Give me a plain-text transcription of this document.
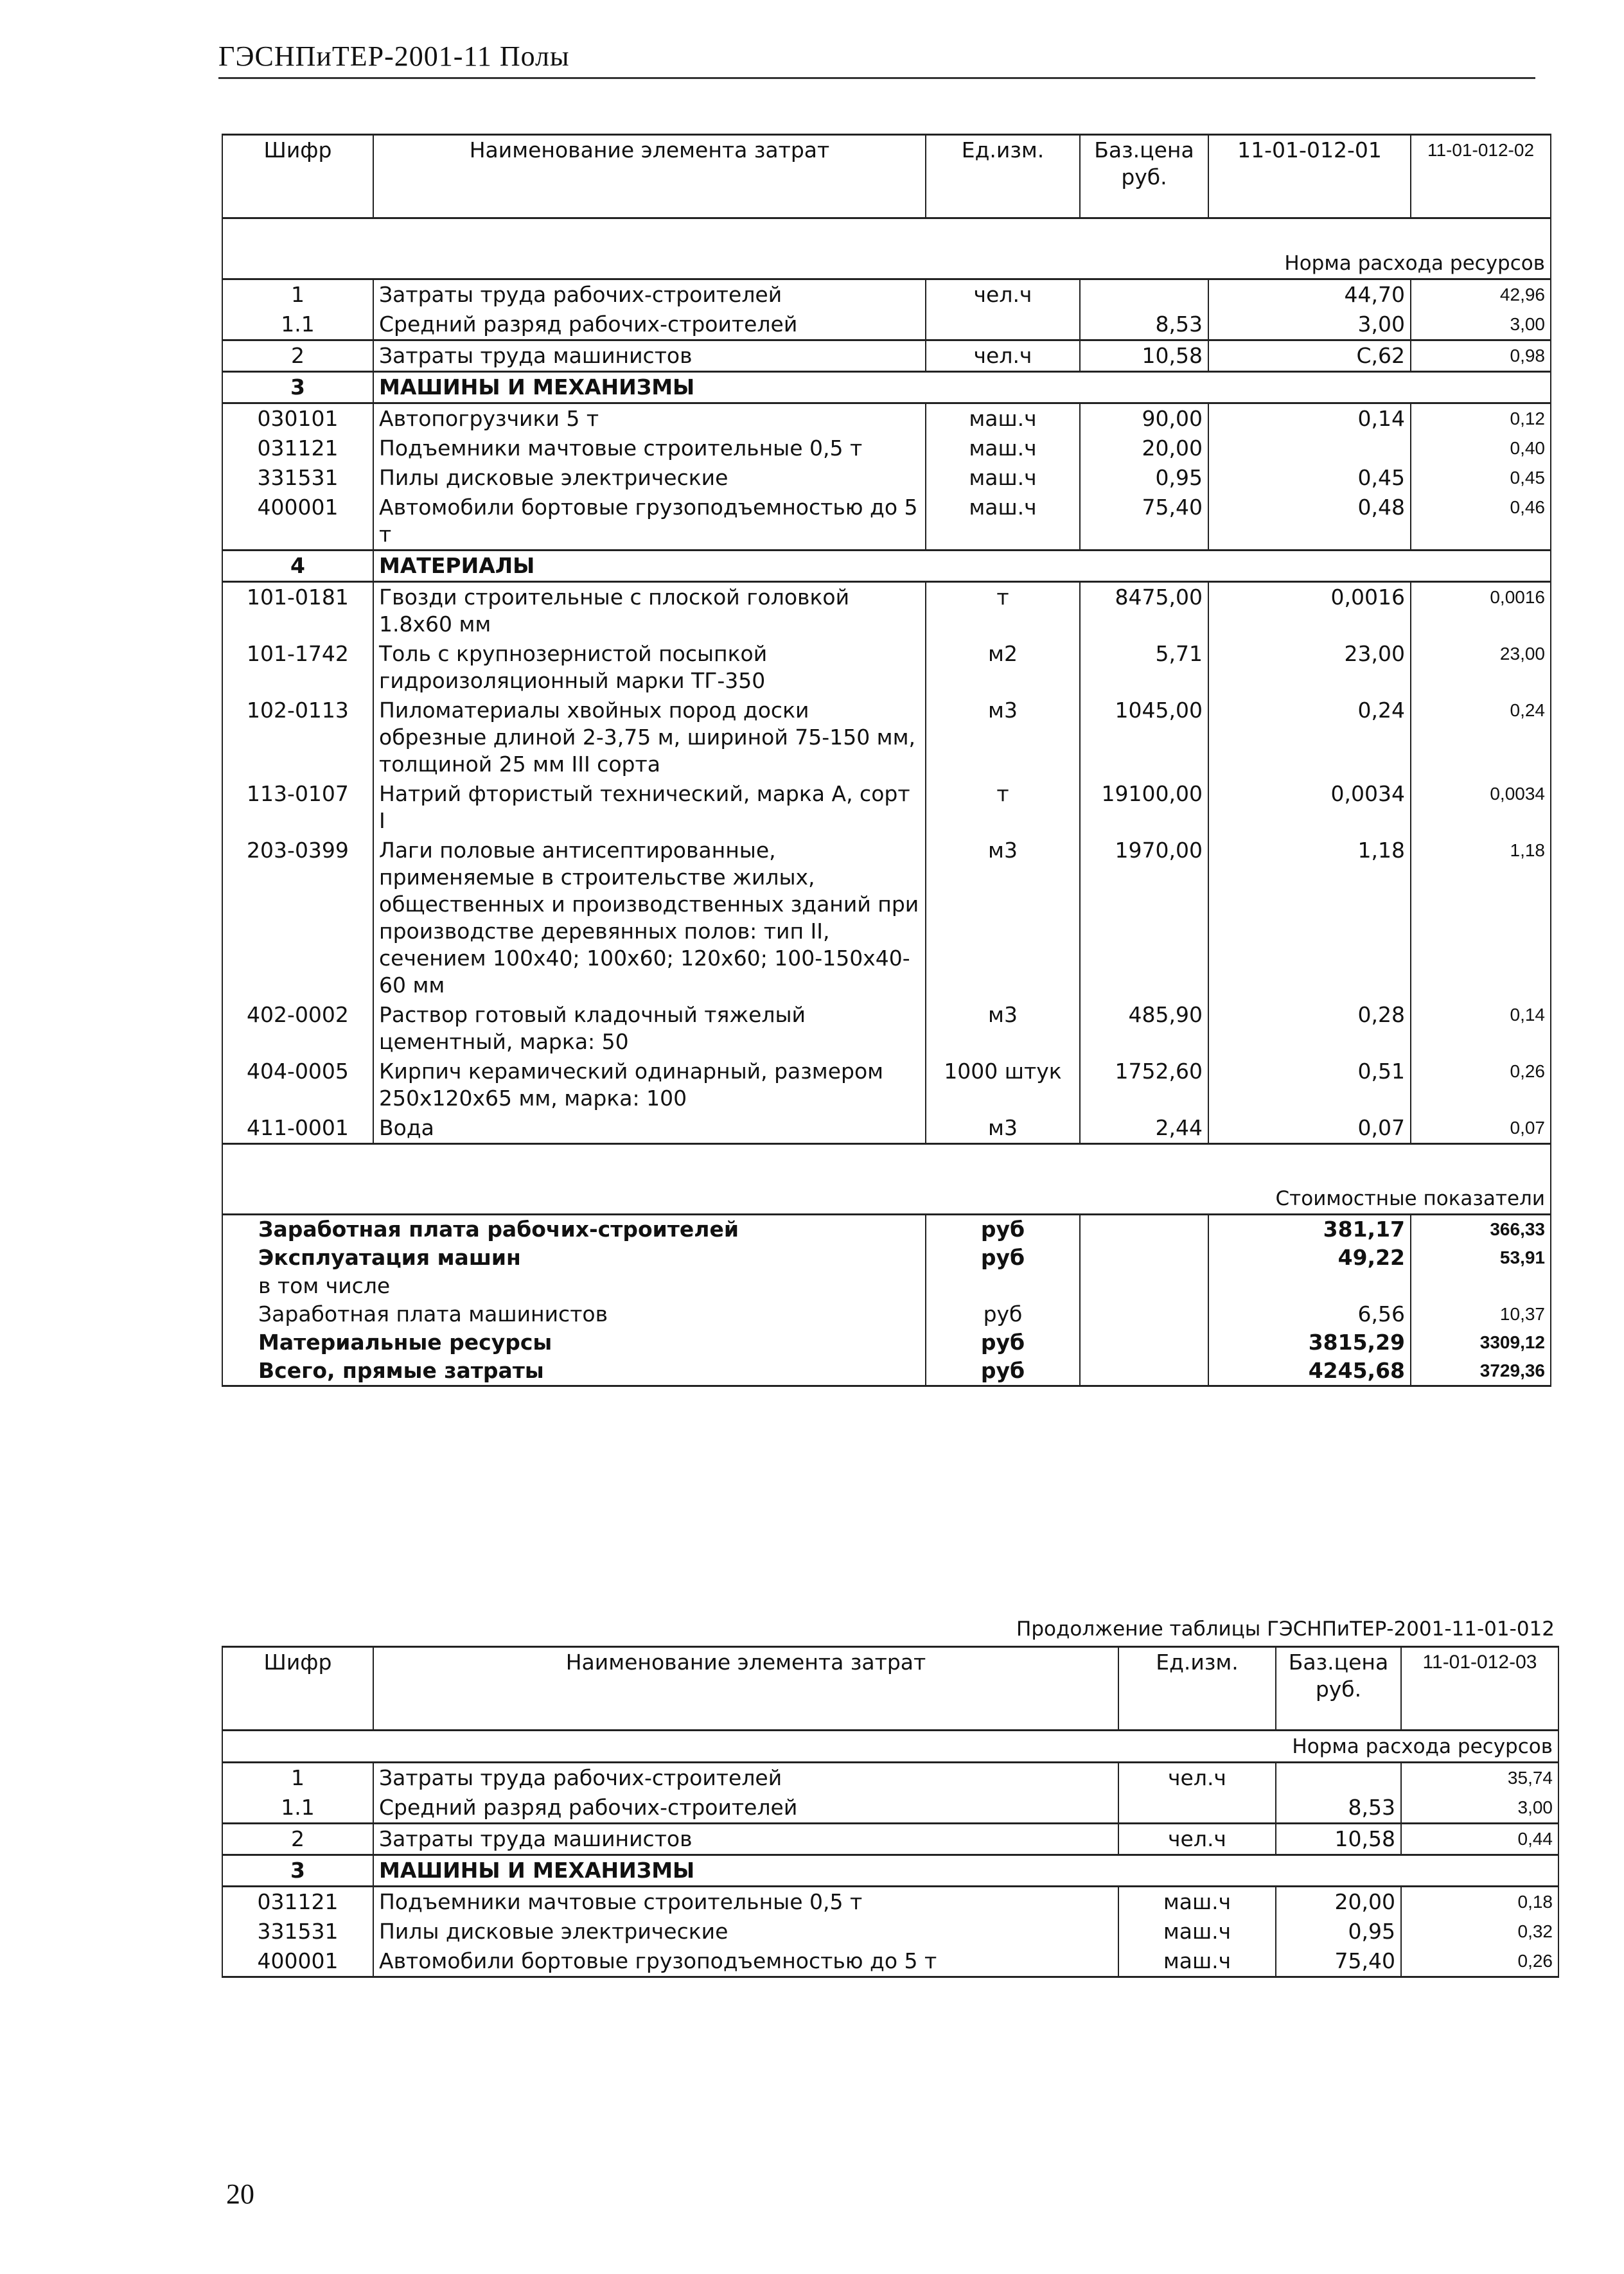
ГЭСНПиТЕР-2001-11 Полы
Шифр	Наименование элемента затрат	Ед.изм.	Баз.цена руб.	11-01-012-01	11-01-012-02
Норма расхода ресурсов					
1	Затраты труда рабочих-строителей	чел.ч		44,70	42,96
1.1	Средний разряд рабочих-строителей		8,53	3,00	3,00
2	Затраты труда машинистов	чел.ч	10,58	С,62	0,98
3	МАШИНЫ И МЕХАНИЗМЫ				
030101	Автопогрузчики 5 т	маш.ч	90,00	0,14	0,12
031121	Подъемники мачтовые строительные 0,5 т	маш.ч	20,00		0,40
331531	Пилы дисковые электрические	маш.ч	0,95	0,45	0,45
400001	Автомобили бортовые грузоподъемностью до 5 т	маш.ч	75,40	0,48	0,46
4	МАТЕРИАЛЫ				
101-0181	Гвозди строительные с плоской головкой 1.8x60 мм	т	8475,00	0,0016	0,0016
101-1742	Толь с крупнозернистой посыпкой гидроизоляционный марки ТГ-350	м2	5,71	23,00	23,00
102-0113	Пиломатериалы хвойных пород доски обрезные длиной 2-3,75 м, шириной 75-150 мм, толщиной 25 мм III сорта	м3	1045,00	0,24	0,24
113-0107	Натрий фтористый технический, марка А, сорт I	т	19100,00	0,0034	0,0034
203-0399	Лаги половые антисептированные, применяемые в строительстве жилых, общественных и производственных зданий при производстве деревянных полов: тип II, сечением 100x40; 100x60; 120x60; 100-150x40-60 мм	м3	1970,00	1,18	1,18
402-0002	Раствор готовый кладочный тяжелый цементный, марка: 50	м3	485,90	0,28	0,14
404-0005	Кирпич керамический одинарный, размером 250x120x65 мм, марка: 100	1000 штук	1752,60	0,51	0,26
411-0001	Вода	м3	2,44	0,07	0,07
Стоимостные показатели					
Заработная плата рабочих-строителей		руб		381,17	366,33
Эксплуатация машин		руб		49,22	53,91
в том числе					
Заработная плата машинистов		руб		6,56	10,37
Материальные ресурсы		руб		3815,29	3309,12
Всего, прямые затраты		руб		4245,68	3729,36
Продолжение таблицы ГЭСНПиТЕР-2001-11-01-012
Шифр	Наименование элемента затрат	Ед.изм.	Баз.цена руб.	11-01-012-03
Норма расхода ресурсов				
1	Затраты труда рабочих-строителей	чел.ч		35,74
1.1	Средний разряд рабочих-строителей		8,53	3,00
2	Затраты труда машинистов	чел.ч	10,58	0,44
3	МАШИНЫ И МЕХАНИЗМЫ			
031121	Подъемники мачтовые строительные 0,5 т	маш.ч	20,00	0,18
331531	Пилы дисковые электрические	маш.ч	0,95	0,32
400001	Автомобили бортовые грузоподъемностью до 5 т	маш.ч	75,40	0,26
20
